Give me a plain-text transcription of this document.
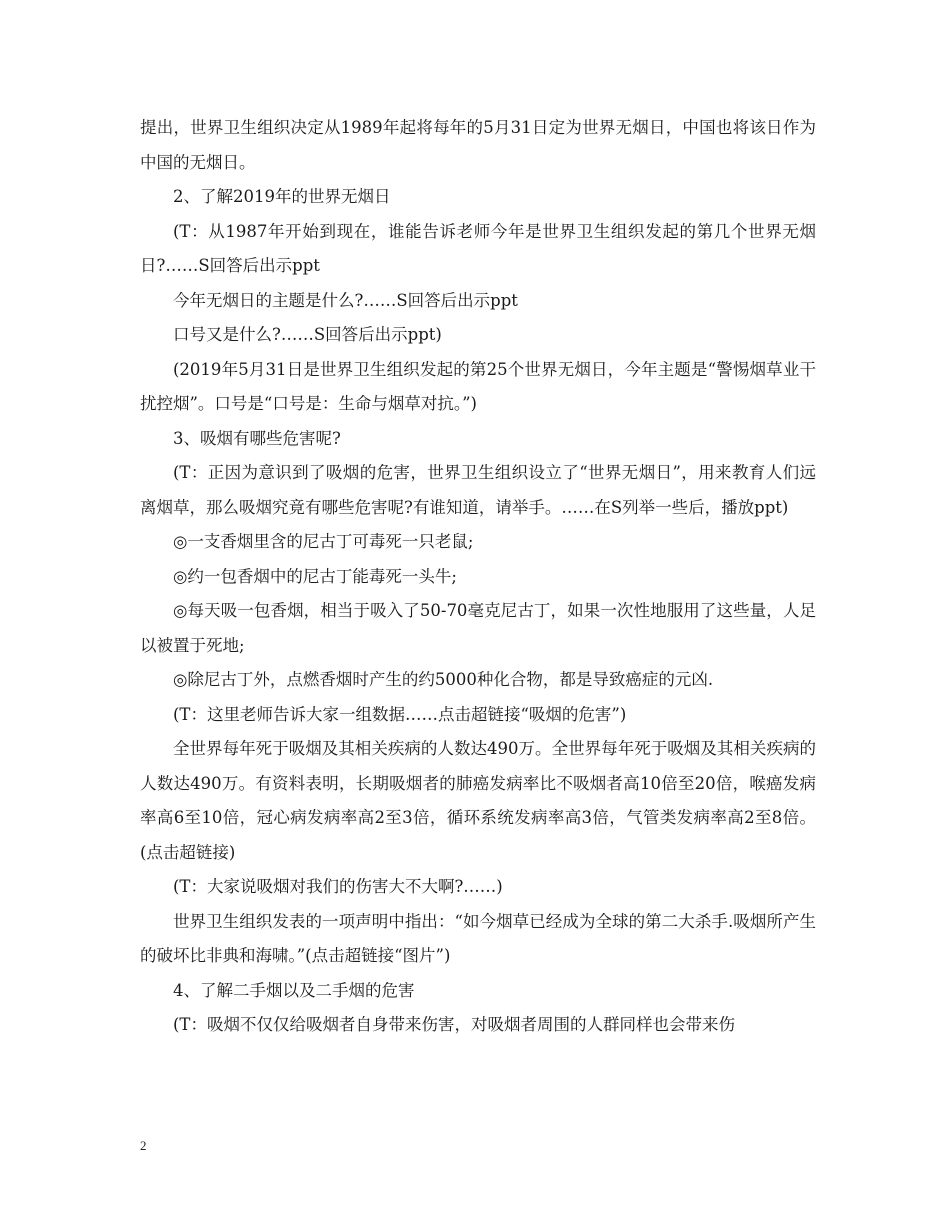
提出，世界卫生组织决定从1989年起将每年的5月31日定为世界无烟日，中国也将该日作为中国的无烟日。

2、了解2019年的世界无烟日

(T：从1987年开始到现在，谁能告诉老师今年是世界卫生组织发起的第几个世界无烟日?……S回答后出示ppt

今年无烟日的主题是什么?……S回答后出示ppt

口号又是什么?……S回答后出示ppt)

(2019年5月31日是世界卫生组织发起的第25个世界无烟日，今年主题是“警惕烟草业干扰控烟”。口号是“口号是：生命与烟草对抗。”)

3、吸烟有哪些危害呢?

(T：正因为意识到了吸烟的危害，世界卫生组织设立了“世界无烟日”，用来教育人们远离烟草，那么吸烟究竟有哪些危害呢?有谁知道，请举手。……在S列举一些后，播放ppt)

◎一支香烟里含的尼古丁可毒死一只老鼠;

◎约一包香烟中的尼古丁能毒死一头牛;

◎每天吸一包香烟，相当于吸入了50-70毫克尼古丁，如果一次性地服用了这些量，人足以被置于死地;

◎除尼古丁外，点燃香烟时产生的约5000种化合物，都是导致癌症的元凶.

(T：这里老师告诉大家一组数据……点击超链接“吸烟的危害”)

全世界每年死于吸烟及其相关疾病的人数达490万。全世界每年死于吸烟及其相关疾病的人数达490万。有资料表明，长期吸烟者的肺癌发病率比不吸烟者高10倍至20倍，喉癌发病率高6至10倍，冠心病发病率高2至3倍，循环系统发病率高3倍，气管类发病率高2至8倍。(点击超链接)

(T：大家说吸烟对我们的伤害大不大啊?……)

世界卫生组织发表的一项声明中指出：“如今烟草已经成为全球的第二大杀手.吸烟所产生的破坏比非典和海啸。”(点击超链接“图片”)

4、了解二手烟以及二手烟的危害

(T：吸烟不仅仅给吸烟者自身带来伤害，对吸烟者周围的人群同样也会带来伤

2
